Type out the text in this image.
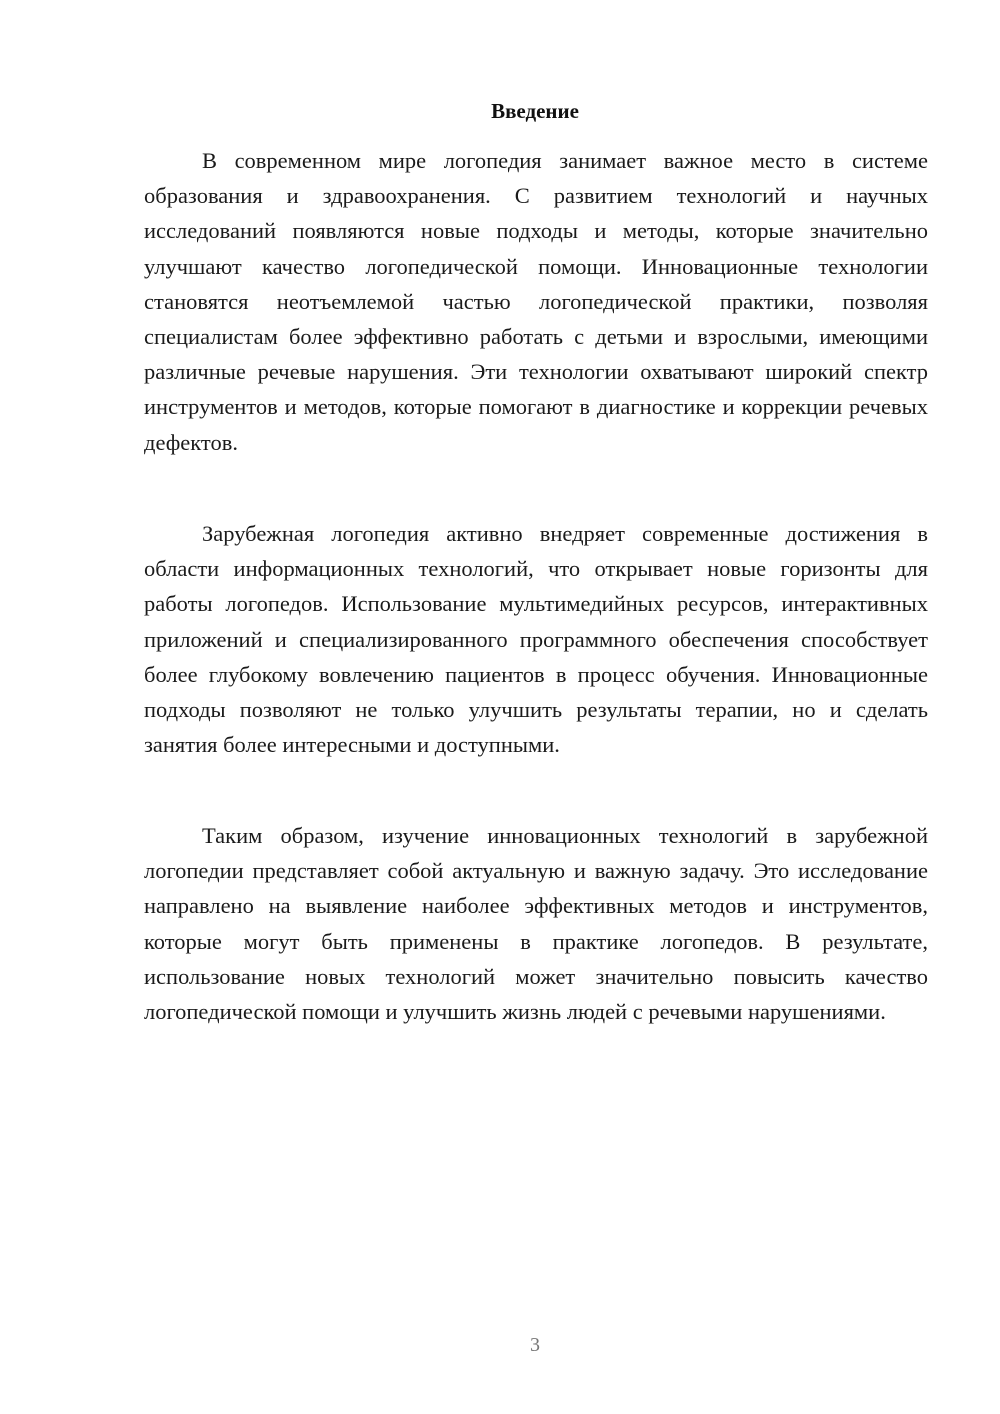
Введение

В современном мире логопедия занимает важное место в системе образования и здравоохранения. С развитием технологий и научных исследований появляются новые подходы и методы, которые значительно улучшают качество логопедической помощи. Инновационные технологии становятся неотъемлемой частью логопедической практики, позволяя специалистам более эффективно работать с детьми и взрослыми, имеющими различные речевые нарушения. Эти технологии охватывают широкий спектр инструментов и методов, которые помогают в диагностике и коррекции речевых дефектов.

Зарубежная логопедия активно внедряет современные достижения в области информационных технологий, что открывает новые горизонты для работы логопедов. Использование мультимедийных ресурсов, интерактивных приложений и специализированного программного обеспечения способствует более глубокому вовлечению пациентов в процесс обучения. Инновационные подходы позволяют не только улучшить результаты терапии, но и сделать занятия более интересными и доступными.

Таким образом, изучение инновационных технологий в зарубежной логопедии представляет собой актуальную и важную задачу. Это исследование направлено на выявление наиболее эффективных методов и инструментов, которые могут быть применены в практике логопедов. В результате, использование новых технологий может значительно повысить качество логопедической помощи и улучшить жизнь людей с речевыми нарушениями.

3
